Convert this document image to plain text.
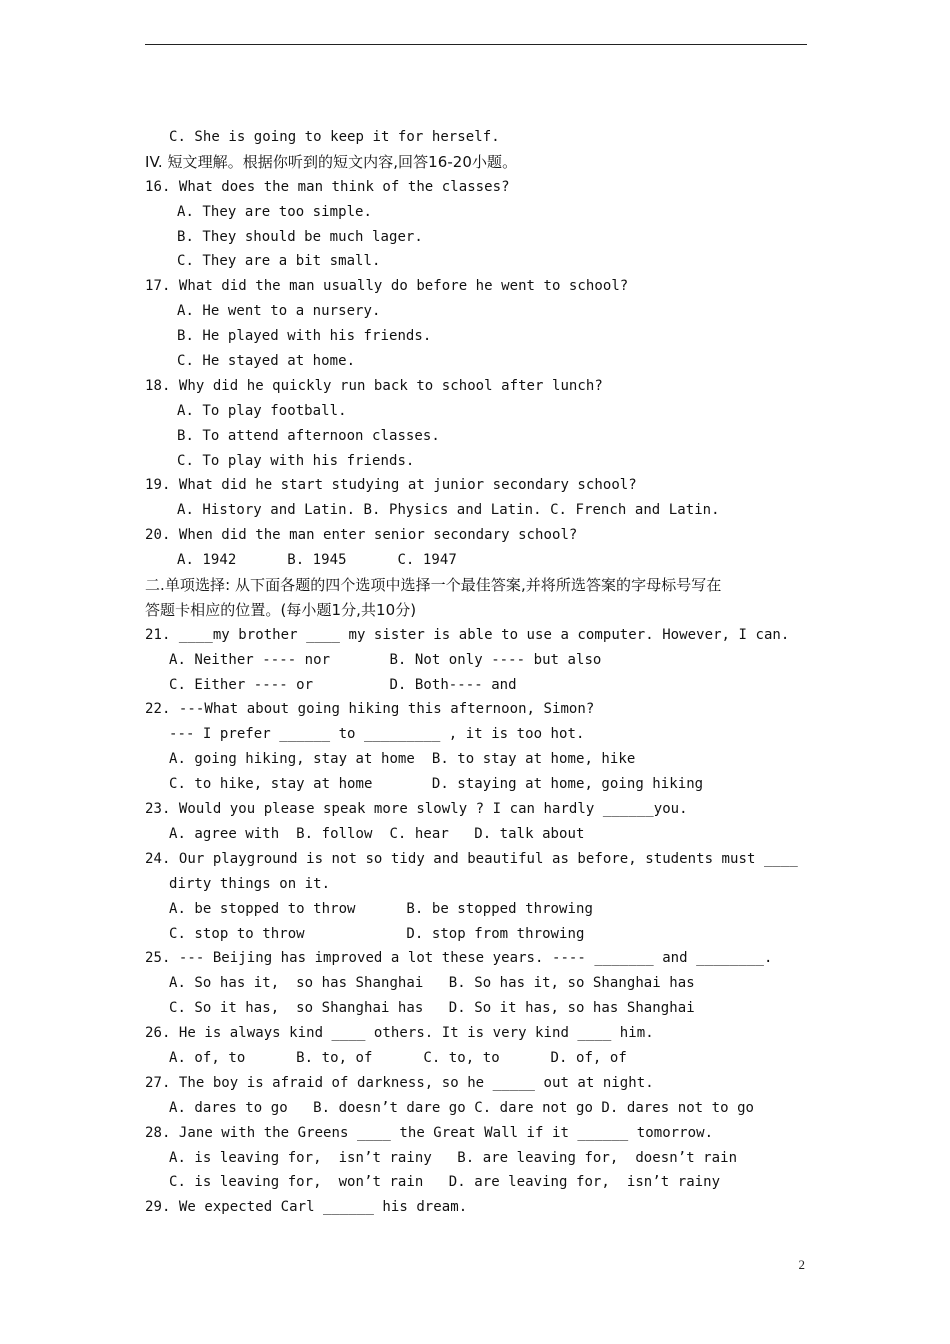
C. She is going to keep it for herself.
IV. 短文理解。根据你听到的短文内容,回答16-20小题。
16. What does the man think of the classes?
A. They are too simple.
B. They should be much lager.
C. They are a bit small.
17. What did the man usually do before he went to school?
A. He went to a nursery.
B. He played with his friends.
C. He stayed at home.
18. Why did he quickly run back to school after lunch?
A. To play football.
B. To attend afternoon classes.
C. To play with his friends.
19. What did he start studying at junior secondary school?
A. History and Latin. B. Physics and Latin. C. French and Latin.
20. When did the man enter senior secondary school?
A. 1942      B. 1945      C. 1947
二.单项选择: 从下面各题的四个选项中选择一个最佳答案,并将所选答案的字母标号写在
答题卡相应的位置。(每小题1分,共10分)
21. ____my brother ____ my sister is able to use a computer. However, I can.
A. Neither ---- nor       B. Not only ---- but also
C. Either ---- or         D. Both---- and
22. ---What about going hiking this afternoon, Simon?
--- I prefer ______ to _________ , it is too hot.
A. going hiking, stay at home  B. to stay at home, hike
C. to hike, stay at home       D. staying at home, going hiking
23. Would you please speak more slowly ? I can hardly ______you.
A. agree with  B. follow  C. hear   D. talk about
24. Our playground is not so tidy and beautiful as before, students must ____
dirty things on it.
A. be stopped to throw      B. be stopped throwing
C. stop to throw            D. stop from throwing
25. --- Beijing has improved a lot these years. ---- _______ and ________.
A. So has it,  so has Shanghai   B. So has it, so Shanghai has
C. So it has,  so Shanghai has   D. So it has, so has Shanghai
26. He is always kind ____ others. It is very kind ____ him.
A. of, to      B. to, of      C. to, to      D. of, of
27. The boy is afraid of darkness, so he _____ out at night.
A. dares to go   B. doesn’t dare go C. dare not go D. dares not to go
28. Jane with the Greens ____ the Great Wall if it ______ tomorrow.
A. is leaving for,  isn’t rainy   B. are leaving for,  doesn’t rain
C. is leaving for,  won’t rain   D. are leaving for,  isn’t rainy
29. We expected Carl ______ his dream.
2
